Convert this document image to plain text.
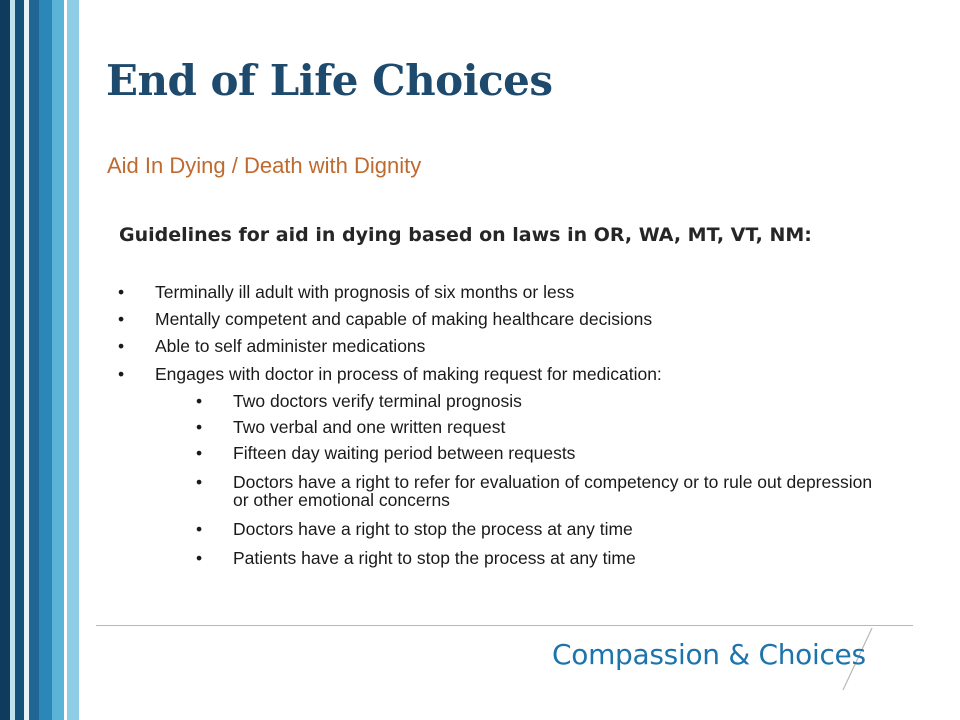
End of Life Choices
Aid In Dying / Death with Dignity
Guidelines for aid in dying based on laws in OR, WA, MT, VT, NM:
• Terminally ill adult with prognosis of six months or less
• Mentally competent and capable of making healthcare decisions
• Able to self administer medications
• Engages with doctor in process of making request for medication:
• Two doctors verify terminal prognosis
• Two verbal and one written request
• Fifteen day waiting period between requests
• Doctors have a right to refer for evaluation of competency or to rule out depression or other emotional concerns
• Doctors have a right to stop the process at any time
• Patients have a right to stop the process at any time
Compassion & Choices
